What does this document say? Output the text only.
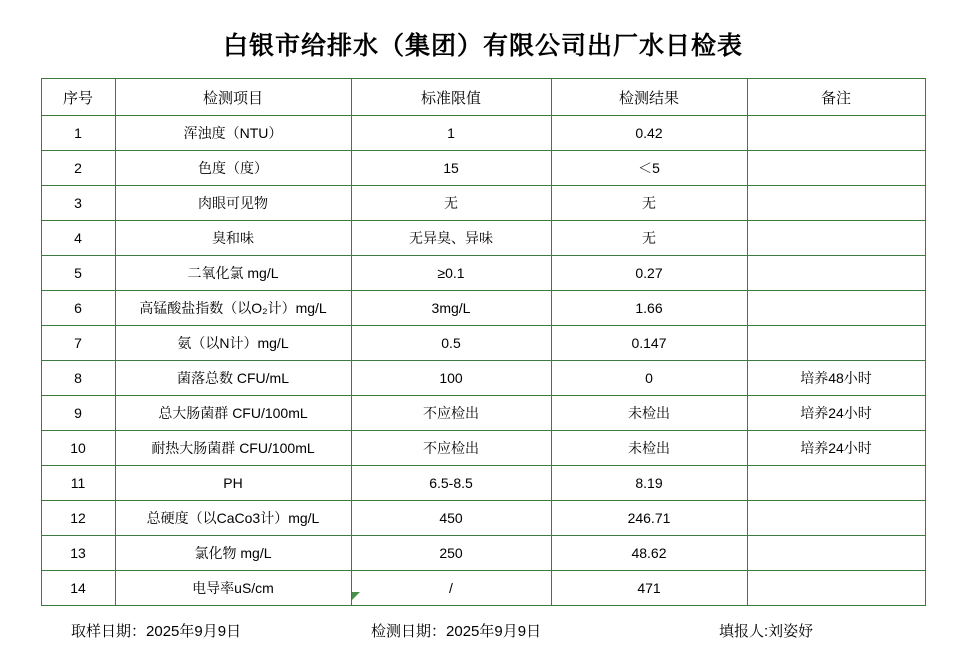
白银市给排水（集团）有限公司出厂水日检表
序号	检测项目	标准限值	检测结果	备注
1	浑浊度（NTU）	1	0.42	
2	色度（度）	15	＜5	
3	肉眼可见物	无	无	
4	臭和味	无异臭、异味	无	
5	二氧化氯 mg/L	≥0.1	0.27	
6	高锰酸盐指数（以O₂计）mg/L	3mg/L	1.66	
7	氨（以N计）mg/L	0.5	0.147	
8	菌落总数 CFU/mL	100	0	培养48小时
9	总大肠菌群 CFU/100mL	不应检出	未检出	培养24小时
10	耐热大肠菌群 CFU/100mL	不应检出	未检出	培养24小时
11	PH	6.5-8.5	8.19	
12	总硬度（以CaCo3计）mg/L	450	246.71	
13	氯化物 mg/L	250	48.62	
14	电导率uS/cm	/	471	
取样日期：2025年9月9日	检测日期：2025年9月9日	填报人:刘姿妤
